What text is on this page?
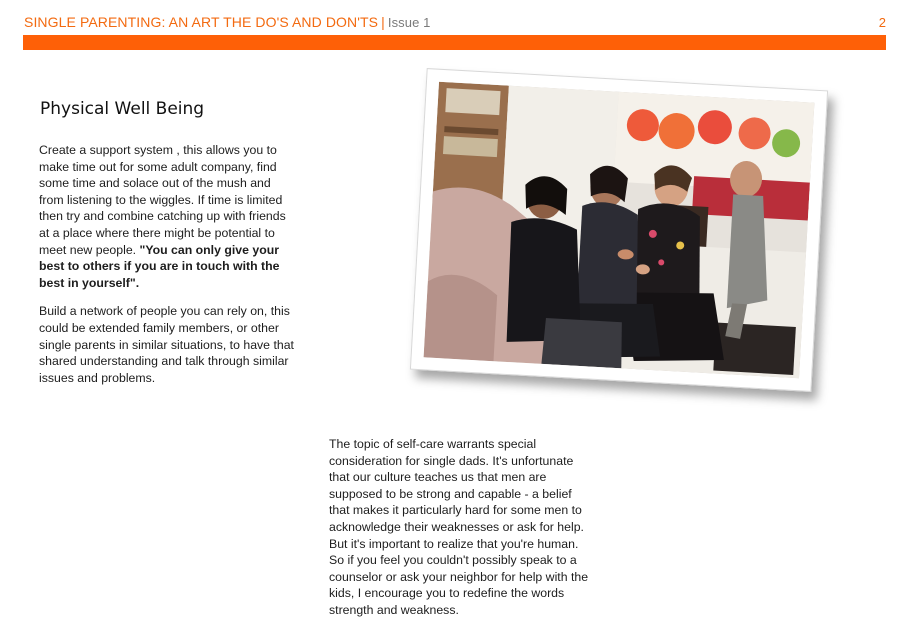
SINGLE PARENTING: AN ART THE DO'S AND DON'TS | Issue 1	2
Physical Well Being

Create a support system , this allows you to make time out for some adult company, find some time and solace out of the mush and from listening to the wiggles. If time is limited then try and combine catching up with friends at a place where there might be potential to meet new people. "You can only give your best to others if you are in touch with the best in yourself".

Build a network of people you can rely on, this could be extended family members, or other single parents in similar situations, to have that shared understanding and talk through similar issues and problems.

The topic of self-care warrants special consideration for single dads. It's unfortunate that our culture teaches us that men are supposed to be strong and capable - a belief that makes it particularly hard for some men to acknowledge their weaknesses or ask for help. But it's important to realize that you're human. So if you feel you couldn't possibly speak to a counselor or ask your neighbor for help with the kids, I encourage you to redefine the words strength and weakness.
